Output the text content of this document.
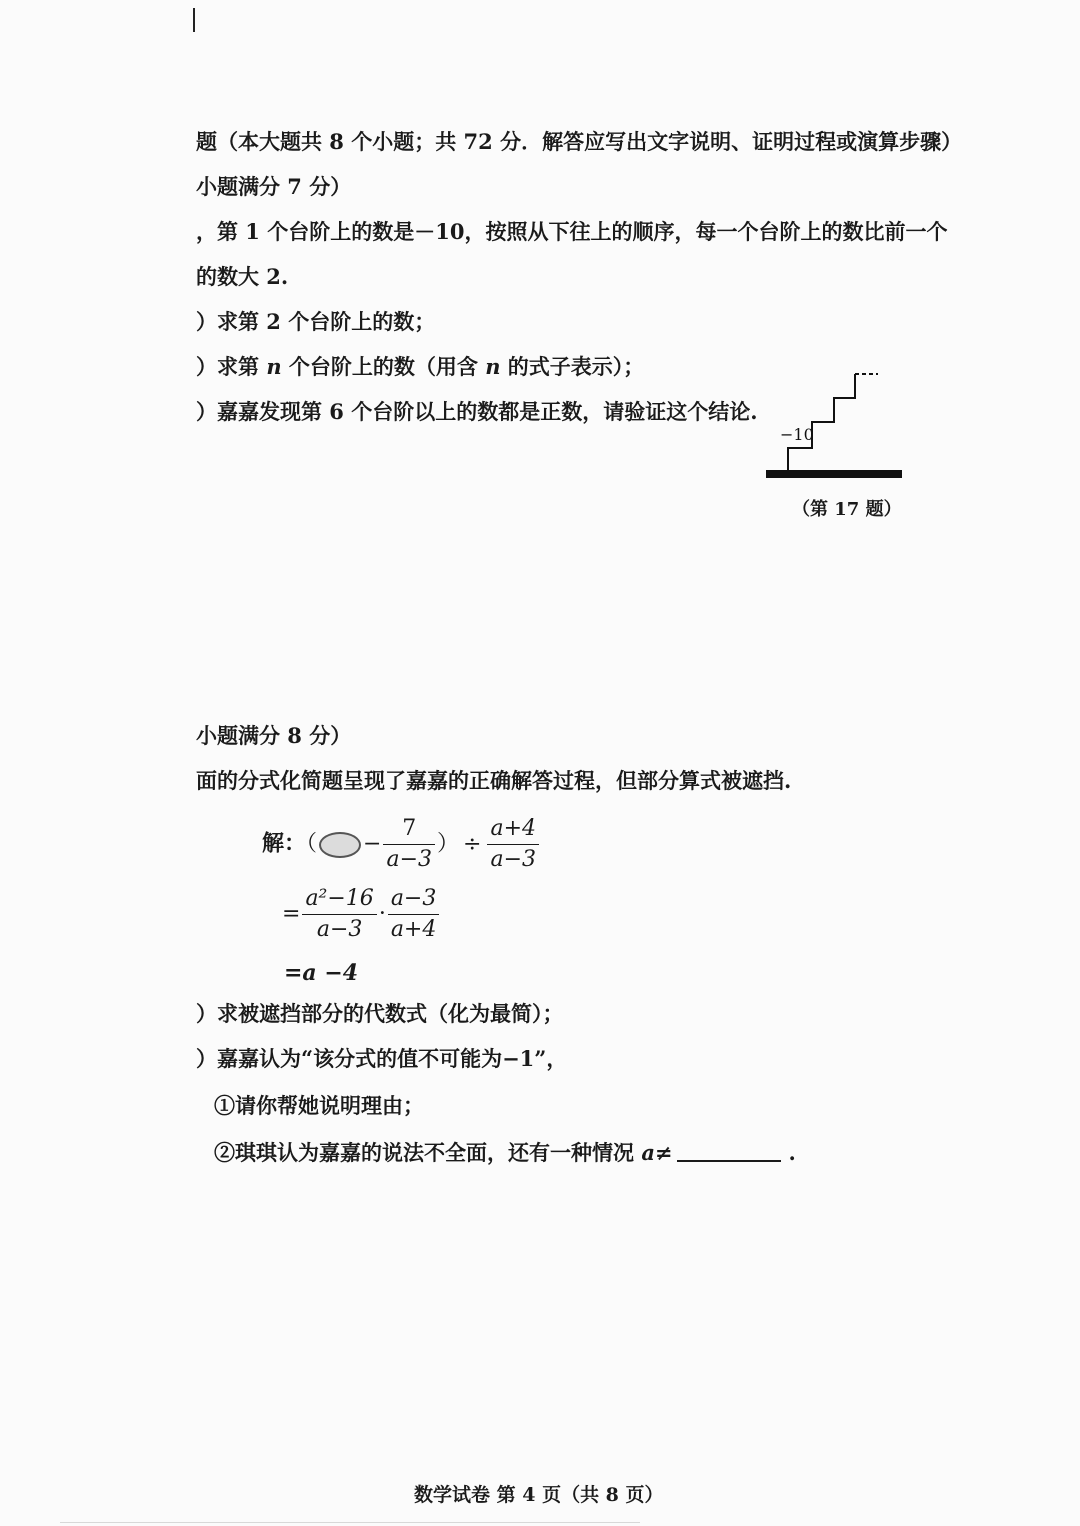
题（本大题共 8 个小题；共 72 分．解答应写出文字说明、证明过程或演算步骤）
小题满分 7 分）
，第 1 个台阶上的数是－10，按照从下往上的顺序，每一个台阶上的数比前一个
的数大 2.
）求第 2 个台阶上的数；
）求第 n 个台阶上的数（用含 n 的式子表示）；
）嘉嘉发现第 6 个台阶以上的数都是正数，请验证这个结论.
−10
（第 17 题）
小题满分 8 分）
面的分式化简题呈现了嘉嘉的正确解答过程，但部分算式被遮挡.
解：（ − $\frac{7}{a-3}$ ） ÷ $\frac{a+4}{a-3}$
= $\frac{\text{a²−16}}{a-3} \cdot \frac{a-3}{a+4}$
=a −4
）求被遮挡部分的代数式（化为最简）；
）嘉嘉认为“该分式的值不可能为−1”，
①请你帮她说明理由；
②琪琪认为嘉嘉的说法不全面，还有一种情况 a≠	.
数学试卷 第 4 页（共 8 页）
